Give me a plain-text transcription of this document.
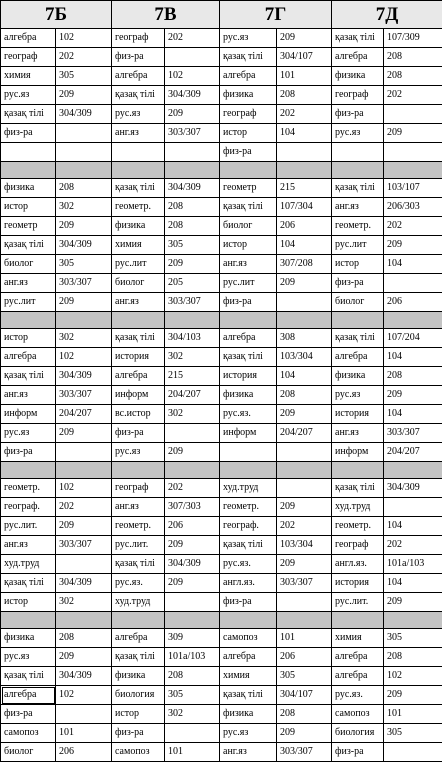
7Б		7В		7Г		7Д	
алгебра	102	географ	202	рус.яз	209	қазақ тілі	107/309
географ	202	физ-ра		қазақ тілі	304/107	алгебра	208
химия	305	алгебра	102	алгебра	101	физика	208
рус.яз	209	қазақ тілі	304/309	физика	208	географ	202
қазақ тілі	304/309	рус.яз	209	географ	202	физ-ра	
физ-ра		анг.яз	303/307	истор	104	рус.яз	209
				физ-ра			

физика	208	қазақ тілі	304/309	геометр	215	қазақ тілі	103/107
истор	302	геометр.	208	қазақ тілі	107/304	анг.яз	206/303
геометр	209	физика	208	биолог	206	геометр.	202
қазақ тілі	304/309	химия	305	истор	104	рус.лит	209
биолог	305	рус.лит	209	анг.яз	307/208	истор	104
анг.яз	303/307	биолог	205	рус.лит	209	физ-ра	
рус.лит	209	анг.яз	303/307	физ-ра		биолог	206

истор	302	қазақ тілі	304/103	алгебра	308	қазақ тілі	107/204
алгебра	102	история	302	қазақ тілі	103/304	алгебра	104
қазақ тілі	304/309	алгебра	215	история	104	физика	208
анг.яз	303/307	информ	204/207	физика	208	рус.яз	209
информ	204/207	вс.истор	302	рус.яз.	209	история	104
рус.яз	209	физ-ра		информ	204/207	анг.яз	303/307
физ-ра		рус.яз	209			информ	204/207

геометр.	102	географ	202	худ.труд		қазақ тілі	304/309
географ.	202	анг.яз	307/303	геометр.	209	худ.труд	
рус.лит.	209	геометр.	206	географ.	202	геометр.	104
анг.яз	303/307	рус.лит.	209	қазақ тілі	103/304	географ	202
худ.труд		қазақ тілі	304/309	рус.яз.	209	англ.яз.	101а/103
қазақ тілі	304/309	рус.яз.	209	англ.яз.	303/307	история	104
истор	302	худ.труд		физ-ра		рус.лит.	209

физика	208	алгебра	309	самопоз	101	химия	305
рус.яз	209	қазақ тілі	101а/103	алгебра	206	алгебра	208
қазақ тілі	304/309	физика	208	химия	305	алгебра	102
алгебра	102	биология	305	қазақ тілі	304/107	рус.яз.	209
физ-ра		истор	302	физика	208	самопоз	101
самопоз	101	физ-ра		рус.яз	209	биология	305
биолог	206	самопоз	101	анг.яз	303/307	физ-ра	
